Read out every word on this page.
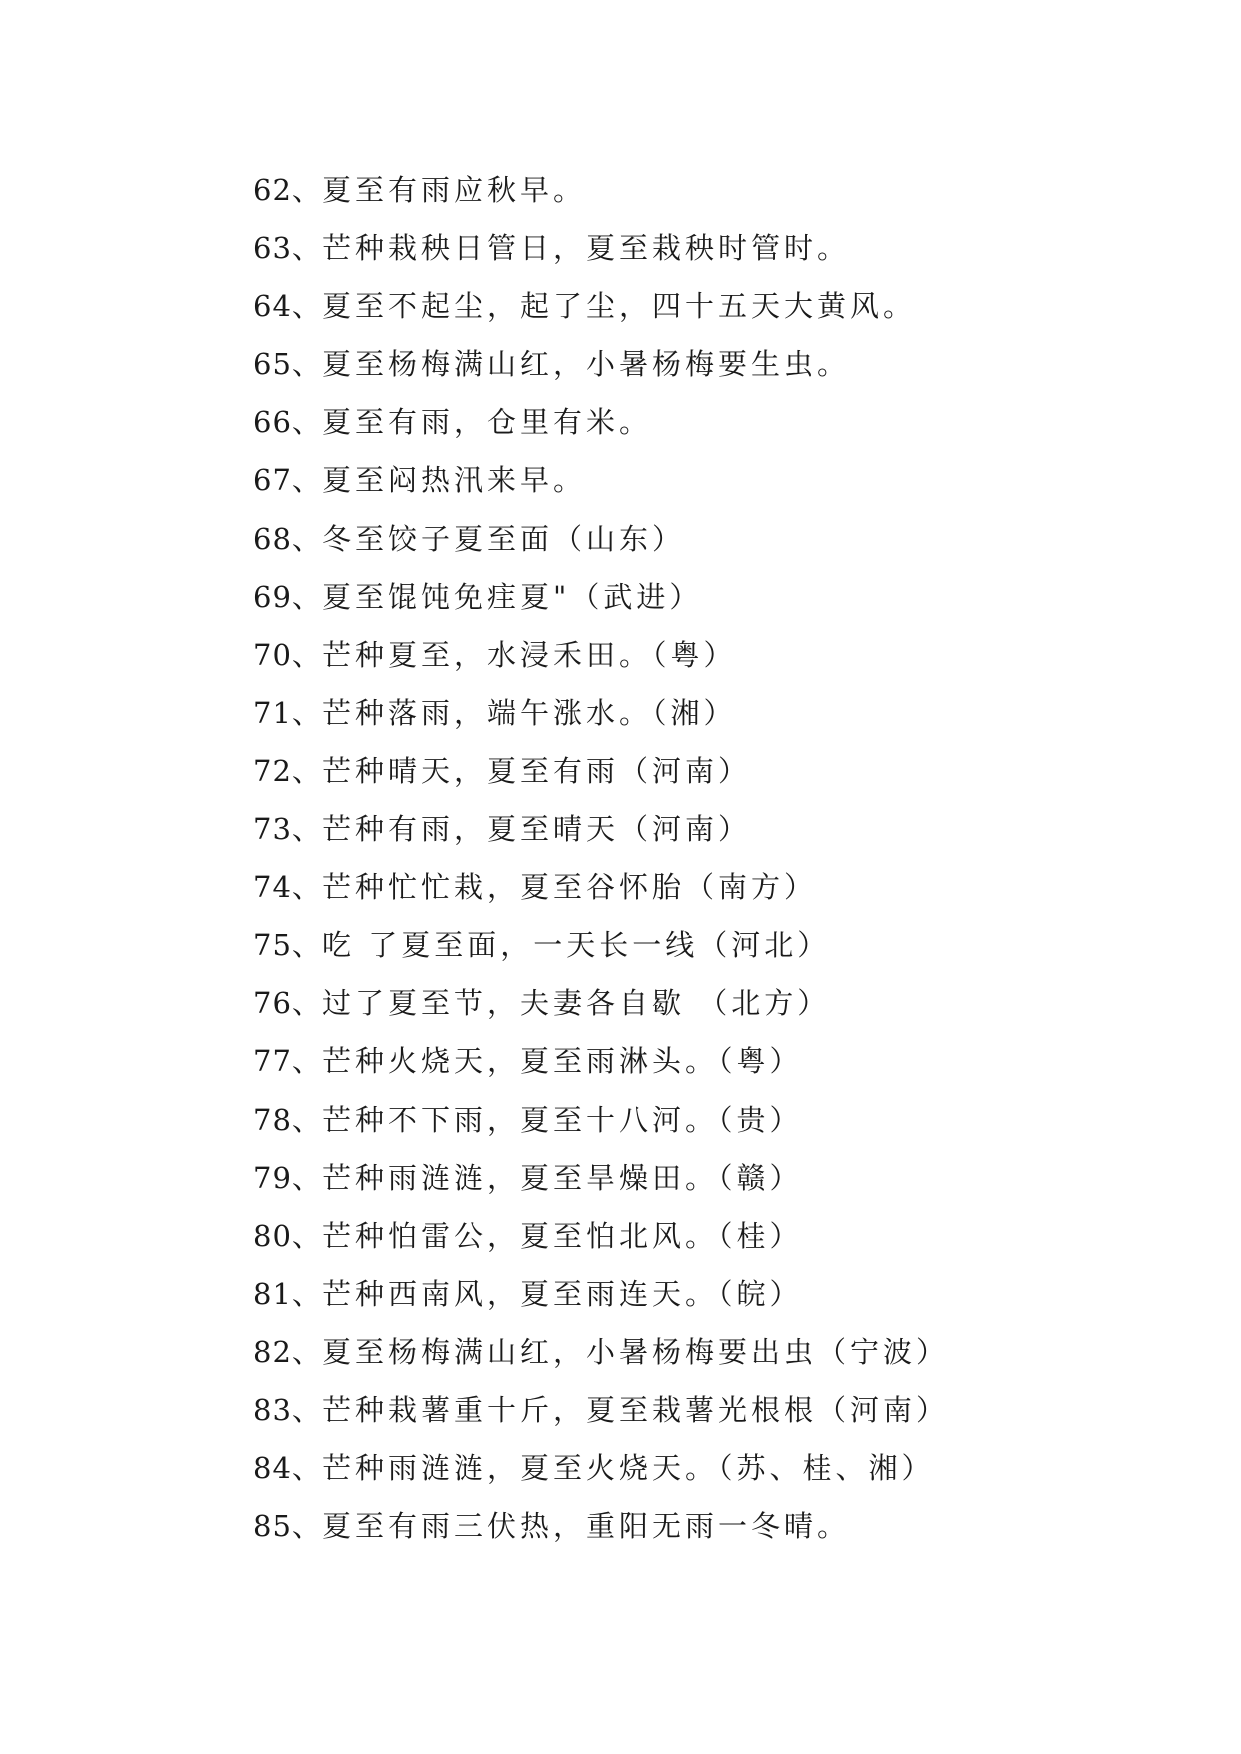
62、 夏至有雨应秋早。
63、 芒种栽秧日管日，夏至栽秧时管时。
64、 夏至不起尘，起了尘，四十五天大黄风。
65、 夏至杨梅满山红，小暑杨梅要生虫。
66、 夏至有雨，仓里有米。
67、 夏至闷热汛来早。
68、 冬至饺子夏至面（山东）
69、 夏至馄饨免疰夏"（武进）
70、 芒种夏至，水浸禾田。（粤）
71、 芒种落雨，端午涨水。（湘）
72、 芒种晴天，夏至有雨（河南）
73、 芒种有雨，夏至晴天（河南）
74、 芒种忙忙栽，夏至谷怀胎（南方）
75、 吃 了夏至面，一天长一线（河北）
76、 过了夏至节，夫妻各自歇 （北方）
77、 芒种火烧天，夏至雨淋头。（粤）
78、 芒种不下雨，夏至十八河。（贵）
79、 芒种雨涟涟，夏至旱燥田。（赣）
80、 芒种怕雷公，夏至怕北风。（桂）
81、 芒种西南风，夏至雨连天。（皖）
82、 夏至杨梅满山红，小暑杨梅要出虫（宁波）
83、 芒种栽薯重十斤，夏至栽薯光根根（河南）
84、 芒种雨涟涟，夏至火烧天。（苏、桂、湘）
85、 夏至有雨三伏热，重阳无雨一冬晴。
